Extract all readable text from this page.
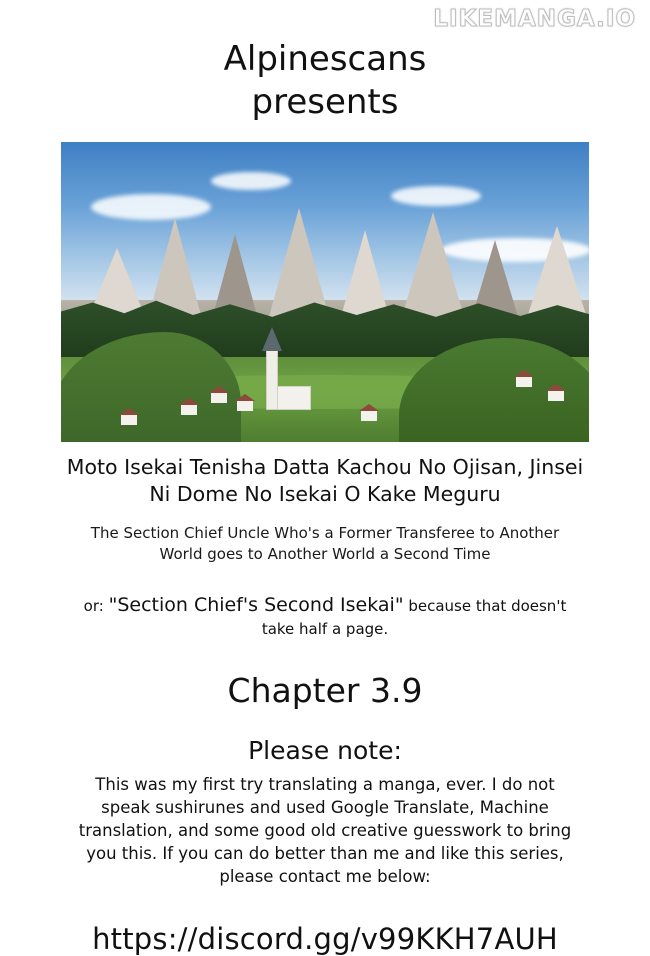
LIKEMANGA.IO
Alpinescans
presents
Moto Isekai Tenisha Datta Kachou No Ojisan, Jinsei
Ni Dome No Isekai O Kake Meguru
The Section Chief Uncle Who's a Former Transferee to Another
World goes to Another World a Second Time
or: "Section Chief's Second Isekai" because that doesn't
take half a page.
Chapter 3.9
Please note:
This was my first try translating a manga, ever. I do not
speak sushirunes and used Google Translate, Machine
translation, and some good old creative guesswork to bring
you this. If you can do better than me and like this series,
please contact me below:
https://discord.gg/v99KKH7AUH
